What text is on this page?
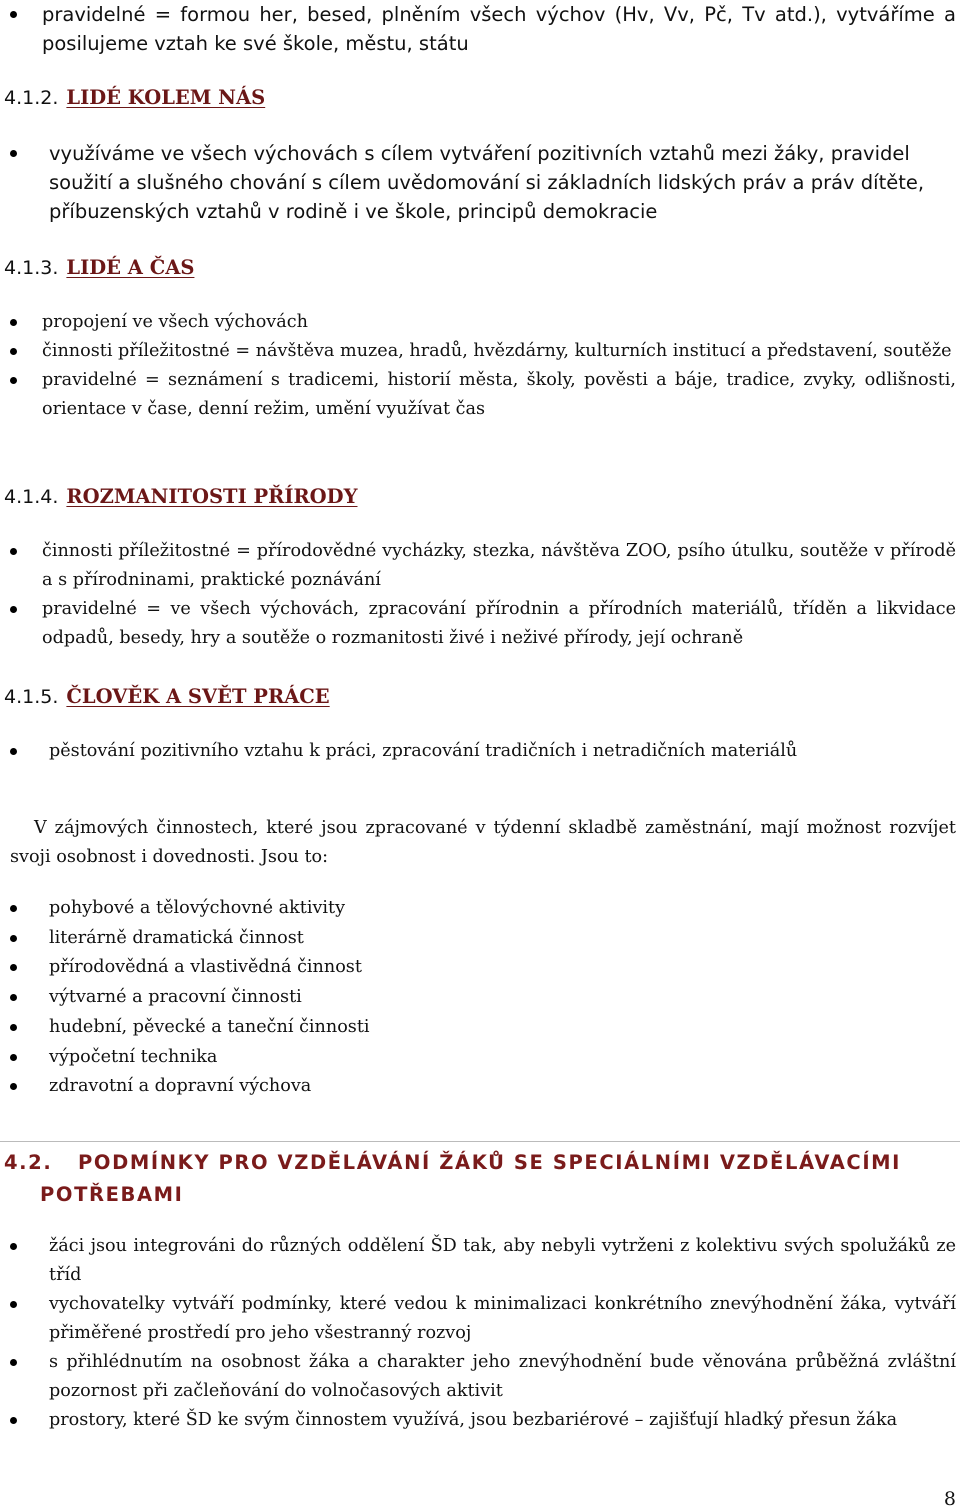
pravidelné = formou her, besed, plněním všech výchov (Hv, Vv, Pč, Tv atd.), vytváříme a posilujeme vztah ke své škole, městu, státu
4.1.2. LIDÉ KOLEM NÁS
využíváme ve všech výchovách s cílem vytváření pozitivních vztahů mezi žáky, pravidel soužití a slušného chování s cílem uvědomování si základních lidských práv a práv dítěte, příbuzenských vztahů v rodině i ve škole, principů demokracie
4.1.3. LIDÉ A ČAS
propojení ve všech výchovách
činnosti příležitostné = návštěva muzea, hradů, hvězdárny, kulturních institucí a představení, soutěže
pravidelné = seznámení s tradicemi, historií města, školy, pověsti a báje, tradice, zvyky, odlišnosti, orientace v čase, denní režim, umění využívat čas
4.1.4. ROZMANITOSTI PŘÍRODY
činnosti příležitostné = přírodovědné vycházky, stezka, návštěva ZOO, psího útulku, soutěže v přírodě a s přírodninami, praktické poznávání
pravidelné = ve všech výchovách, zpracování přírodnin a přírodních materiálů, tříděn a likvidace odpadů, besedy, hry a soutěže o rozmanitosti živé i neživé přírody, její ochraně
4.1.5. ČLOVĚK A SVĚT PRÁCE
pěstování pozitivního vztahu k práci, zpracování tradičních i netradičních materiálů
V zájmových činnostech, které jsou zpracované v týdenní skladbě zaměstnání, mají možnost rozvíjet svoji osobnost i dovednosti. Jsou to:
pohybové a tělovýchovné aktivity
literárně dramatická činnost
přírodovědná a vlastivědná činnost
výtvarné a pracovní činnosti
hudební, pěvecké a taneční činnosti
výpočetní technika
zdravotní a dopravní výchova
4.2. PODMÍNKY PRO VZDĚLÁVÁNÍ ŽÁKŮ SE SPECIÁLNÍMI VZDĚLÁVACÍMI
POTŘEBAMI
žáci jsou integrováni do různých oddělení ŠD tak, aby nebyli vytrženi z kolektivu svých spolužáků ze tříd
vychovatelky vytváří podmínky, které vedou k minimalizaci konkrétního znevýhodnění žáka, vytváří přiměřené prostředí pro jeho všestranný rozvoj
s přihlédnutím na osobnost žáka a charakter jeho znevýhodnění bude věnována průběžná zvláštní pozornost při začleňování do volnočasových aktivit
prostory, které ŠD ke svým činnostem využívá, jsou bezbariérové – zajišťují hladký přesun žáka
8
